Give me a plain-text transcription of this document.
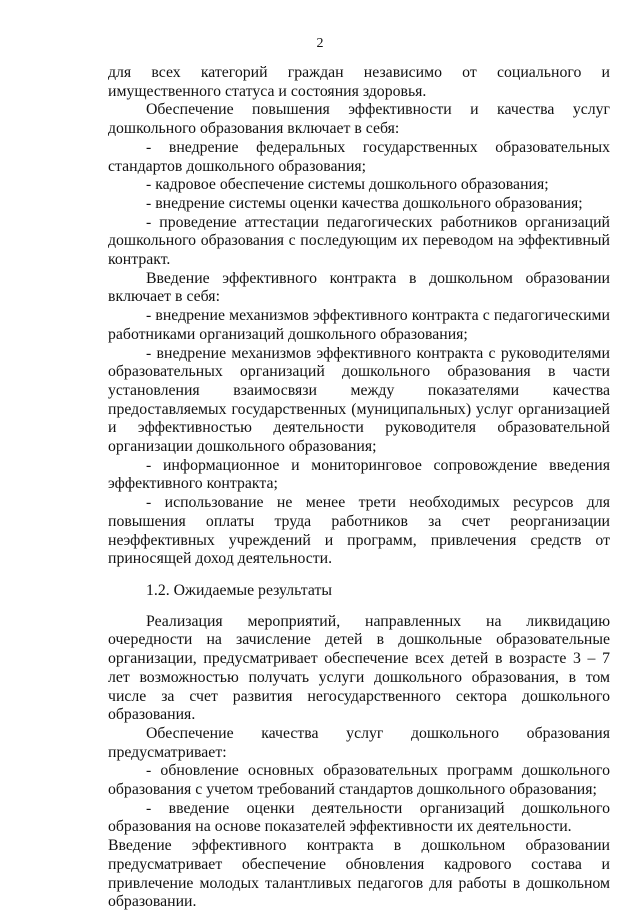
2

для всех категорий граждан независимо от социального и имущественного статуса и состояния здоровья.

Обеспечение повышения эффективности и качества услуг дошкольного образования включает в себя:

- внедрение федеральных государственных образовательных стандартов дошкольного образования;

- кадровое обеспечение системы дошкольного образования;

- внедрение системы оценки качества дошкольного образования;

- проведение аттестации педагогических работников организаций дошкольного образования с последующим их переводом на эффективный контракт.

Введение эффективного контракта в дошкольном образовании включает в себя:

- внедрение механизмов эффективного контракта с педагогическими работниками организаций дошкольного образования;

- внедрение механизмов эффективного контракта с руководителями образовательных организаций дошкольного образования в части установления взаимосвязи между показателями качества предоставляемых государственных (муниципальных) услуг организацией и эффективностью деятельности руководителя образовательной организации дошкольного образования;

- информационное и мониторинговое сопровождение введения эффективного контракта;

- использование не менее трети необходимых ресурсов для повышения оплаты труда работников за счет реорганизации неэффективных учреждений и программ, привлечения средств от приносящей доход деятельности.

1.2. Ожидаемые результаты

Реализация мероприятий, направленных на ликвидацию очередности на зачисление детей в дошкольные образовательные организации, предусматривает обеспечение всех детей в возрасте 3 – 7 лет возможностью получать услуги дошкольного образования, в том числе за счет развития негосударственного сектора дошкольного образования.

Обеспечение качества услуг дошкольного образования предусматривает:

- обновление основных образовательных программ дошкольного образования с учетом требований стандартов дошкольного образования;

- введение оценки деятельности организаций дошкольного образования на основе показателей эффективности их деятельности.

Введение эффективного контракта в дошкольном образовании предусматривает обеспечение обновления кадрового состава и привлечение молодых талантливых педагогов для работы в дошкольном образовании.
